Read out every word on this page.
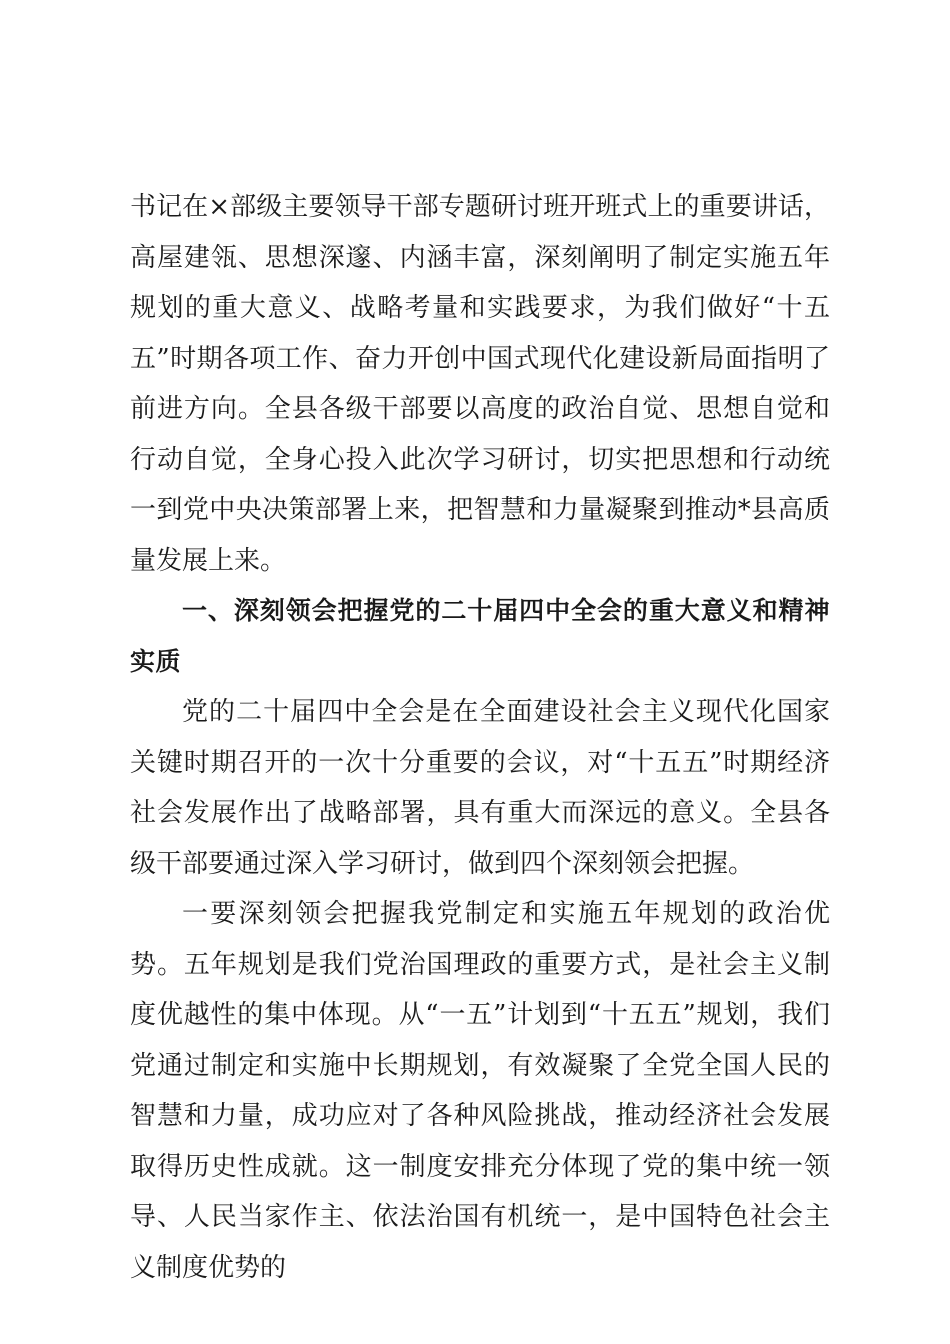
书记在×部级主要领导干部专题研讨班开班式上的重要讲话，高屋建瓴、思想深邃、内涵丰富，深刻阐明了制定实施五年规划的重大意义、战略考量和实践要求，为我们做好“十五五”时期各项工作、奋力开创中国式现代化建设新局面指明了前进方向。全县各级干部要以高度的政治自觉、思想自觉和行动自觉，全身心投入此次学习研讨，切实把思想和行动统一到党中央决策部署上来，把智慧和力量凝聚到推动*县高质量发展上来。

一、深刻领会把握党的二十届四中全会的重大意义和精神实质

党的二十届四中全会是在全面建设社会主义现代化国家关键时期召开的一次十分重要的会议，对“十五五”时期经济社会发展作出了战略部署，具有重大而深远的意义。全县各级干部要通过深入学习研讨，做到四个深刻领会把握。

一要深刻领会把握我党制定和实施五年规划的政治优势。五年规划是我们党治国理政的重要方式，是社会主义制度优越性的集中体现。从“一五”计划到“十五五”规划，我们党通过制定和实施中长期规划，有效凝聚了全党全国人民的智慧和力量，成功应对了各种风险挑战，推动经济社会发展取得历史性成就。这一制度安排充分体现了党的集中统一领导、人民当家作主、依法治国有机统一，是中国特色社会主义制度优势的
